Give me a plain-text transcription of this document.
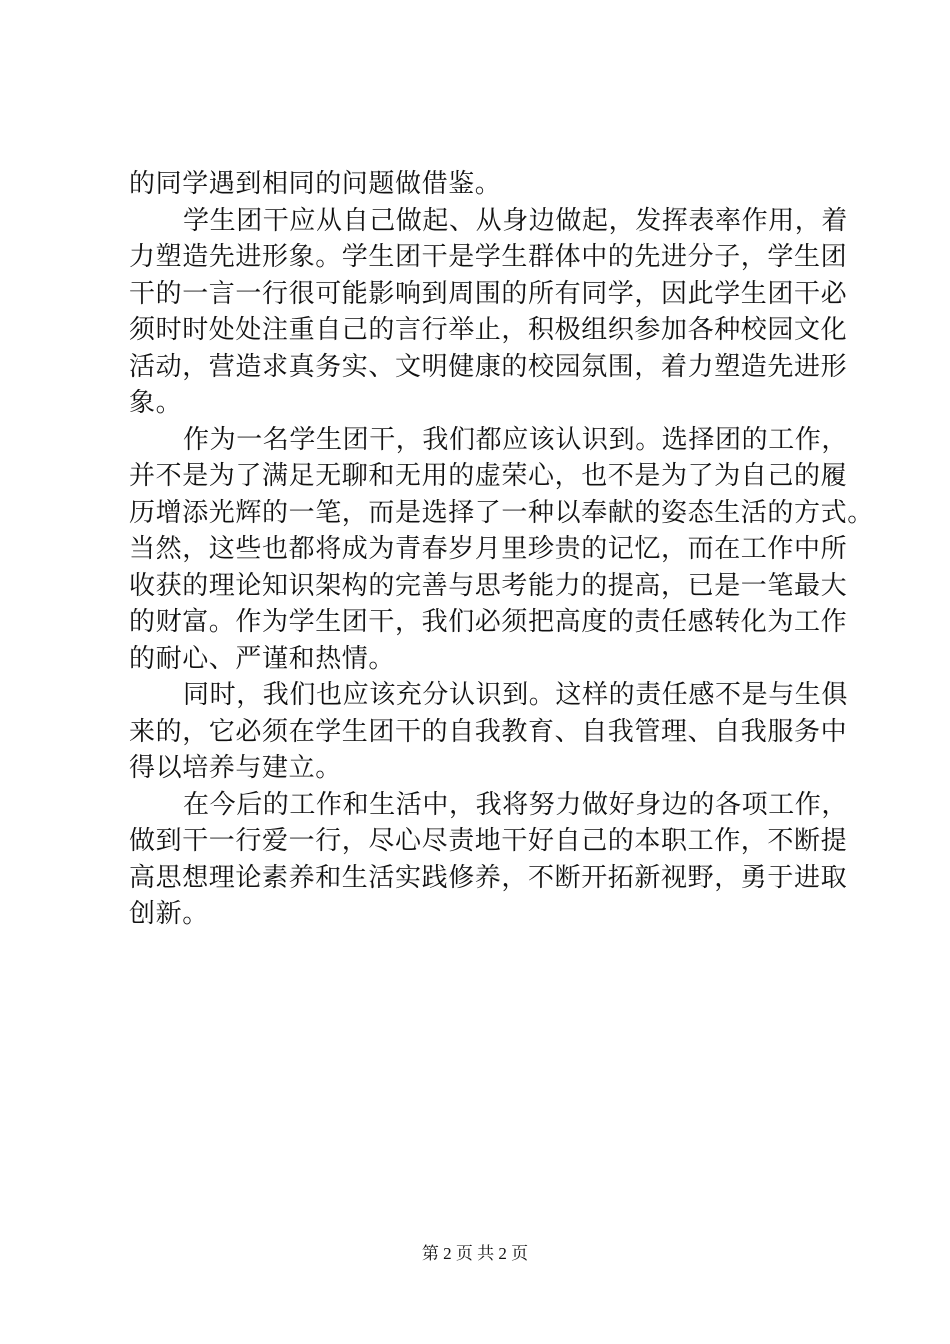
的同学遇到相同的问题做借鉴。
学生团干应从自己做起、从身边做起，发挥表率作用，着
力塑造先进形象。学生团干是学生群体中的先进分子，学生团
干的一言一行很可能影响到周围的所有同学，因此学生团干必
须时时处处注重自己的言行举止，积极组织参加各种校园文化
活动，营造求真务实、文明健康的校园氛围，着力塑造先进形
象。
作为一名学生团干，我们都应该认识到。选择团的工作，
并不是为了满足无聊和无用的虚荣心，也不是为了为自己的履
历增添光辉的一笔，而是选择了一种以奉献的姿态生活的方式。
当然，这些也都将成为青春岁月里珍贵的记忆，而在工作中所
收获的理论知识架构的完善与思考能力的提高，已是一笔最大
的财富。作为学生团干，我们必须把高度的责任感转化为工作
的耐心、严谨和热情。
同时，我们也应该充分认识到。这样的责任感不是与生俱
来的，它必须在学生团干的自我教育、自我管理、自我服务中
得以培养与建立。
在今后的工作和生活中，我将努力做好身边的各项工作，
做到干一行爱一行，尽心尽责地干好自己的本职工作，不断提
高思想理论素养和生活实践修养，不断开拓新视野，勇于进取
创新。
第 2 页 共 2 页
